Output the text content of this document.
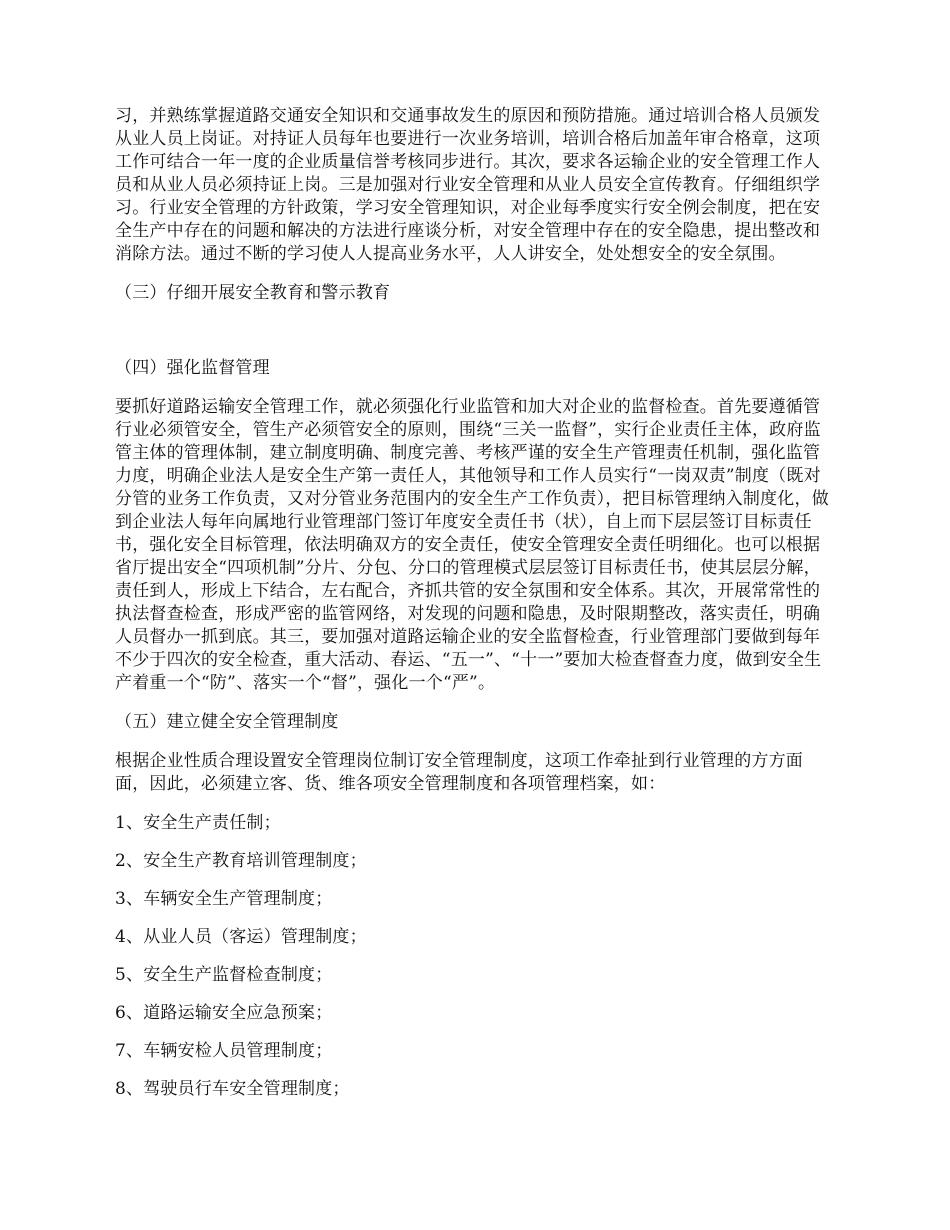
习，并熟练掌握道路交通安全知识和交通事故发生的原因和预防措施。通过培训合格人员颁发从业人员上岗证。对持证人员每年也要进行一次业务培训，培训合格后加盖年审合格章，这项工作可结合一年一度的企业质量信誉考核同步进行。其次，要求各运输企业的安全管理工作人员和从业人员必须持证上岗。三是加强对行业安全管理和从业人员安全宣传教育。仔细组织学习。行业安全管理的方针政策，学习安全管理知识，对企业每季度实行安全例会制度，把在安全生产中存在的问题和解决的方法进行座谈分析，对安全管理中存在的安全隐患，提出整改和消除方法。通过不断的学习使人人提高业务水平，人人讲安全，处处想安全的安全氛围。

（三）仔细开展安全教育和警示教育

（四）强化监督管理

要抓好道路运输安全管理工作，就必须强化行业监管和加大对企业的监督检查。首先要遵循管行业必须管安全，管生产必须管安全的原则，围绕“三关一监督”，实行企业责任主体，政府监管主体的管理体制，建立制度明确、制度完善、考核严谨的安全生产管理责任机制，强化监管力度，明确企业法人是安全生产第一责任人，其他领导和工作人员实行“一岗双责”制度（既对分管的业务工作负责，又对分管业务范围内的安全生产工作负责），把目标管理纳入制度化，做到企业法人每年向属地行业管理部门签订年度安全责任书（状），自上而下层层签订目标责任书，强化安全目标管理，依法明确双方的安全责任，使安全管理安全责任明细化。也可以根据省厅提出安全“四项机制”分片、分包、分口的管理模式层层签订目标责任书，使其层层分解，责任到人，形成上下结合，左右配合，齐抓共管的安全氛围和安全体系。其次，开展常常性的执法督查检查，形成严密的监管网络，对发现的问题和隐患，及时限期整改，落实责任，明确人员督办一抓到底。其三，要加强对道路运输企业的安全监督检查，行业管理部门要做到每年不少于四次的安全检查，重大活动、春运、“五一”、“十一”要加大检查督查力度，做到安全生产着重一个“防”、落实一个“督”，强化一个“严”。

（五）建立健全安全管理制度

根据企业性质合理设置安全管理岗位制订安全管理制度，这项工作牵扯到行业管理的方方面面，因此，必须建立客、货、维各项安全管理制度和各项管理档案，如：

1、安全生产责任制；

2、安全生产教育培训管理制度；

3、车辆安全生产管理制度；

4、从业人员（客运）管理制度；

5、安全生产监督检查制度；

6、道路运输安全应急预案；

7、车辆安检人员管理制度；

8、驾驶员行车安全管理制度；
